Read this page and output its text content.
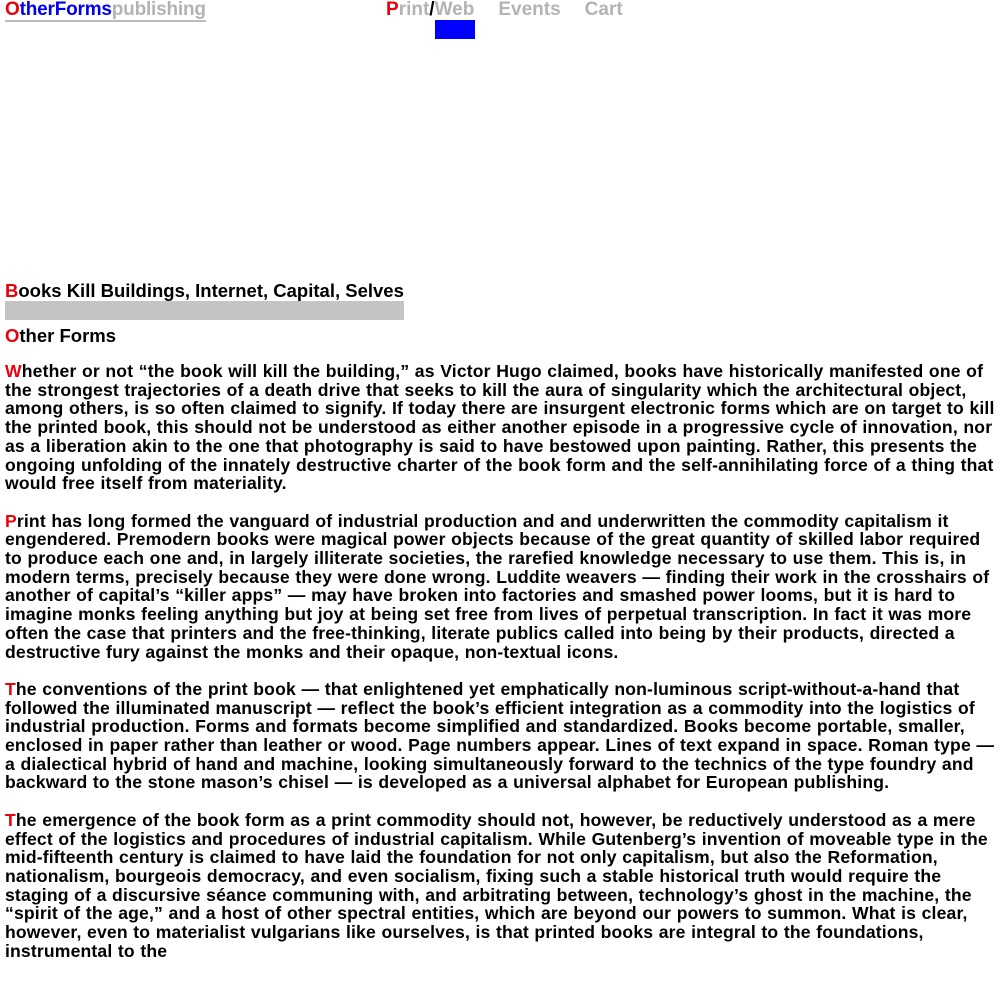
OtherFormspublishing	Print/Web Events Cart
Books Kill Buildings, Internet, Capital, Selves
Other Forms

Whether or not “the book will kill the building,” as Victor Hugo claimed, books have historically manifested one of the strongest trajectories of a death drive that seeks to kill the aura of singularity which the architectural object, among others, is so often claimed to signify. If today there are insurgent electronic forms which are on target to kill the printed book, this should not be understood as either another episode in a progressive cycle of innovation, nor as a liberation akin to the one that photography is said to have bestowed upon painting. Rather, this presents the ongoing unfolding of the innately destructive charter of the book form and the self-annihilating force of a thing that would free itself from materiality.

Print has long formed the vanguard of industrial production and and underwritten the commodity capitalism it engendered. Premodern books were magical power objects because of the great quantity of skilled labor required to produce each one and, in largely illiterate societies, the rarefied knowledge necessary to use them. This is, in modern terms, precisely because they were done wrong. Luddite weavers — finding their work in the crosshairs of another of capital’s “killer apps” — may have broken into factories and smashed power looms, but it is hard to imagine monks feeling anything but joy at being set free from lives of perpetual transcription. In fact it was more often the case that printers and the free-thinking, literate publics called into being by their products, directed a destructive fury against the monks and their opaque, non-textual icons.

The conventions of the print book — that enlightened yet emphatically non-luminous script-without-a-hand that followed the illuminated manuscript — reflect the book’s efficient integration as a commodity into the logistics of industrial production. Forms and formats become simplified and standardized. Books become portable, smaller, enclosed in paper rather than leather or wood. Page numbers appear. Lines of text expand in space. Roman type — a dialectical hybrid of hand and machine, looking simultaneously forward to the technics of the type foundry and backward to the stone mason’s chisel — is developed as a universal alphabet for European publishing.

The emergence of the book form as a print commodity should not, however, be reductively understood as a mere effect of the logistics and procedures of industrial capitalism. While Gutenberg’s invention of moveable type in the mid-fifteenth century is claimed to have laid the foundation for not only capitalism, but also the Reformation, nationalism, bourgeois democracy, and even socialism, fixing such a stable historical truth would require the staging of a discursive séance communing with, and arbitrating between, technology’s ghost in the machine, the “spirit of the age,” and a host of other spectral entities, which are beyond our powers to summon. What is clear, however, even to materialist vulgarians like ourselves, is that printed books are integral to the foundations, instrumental to the
